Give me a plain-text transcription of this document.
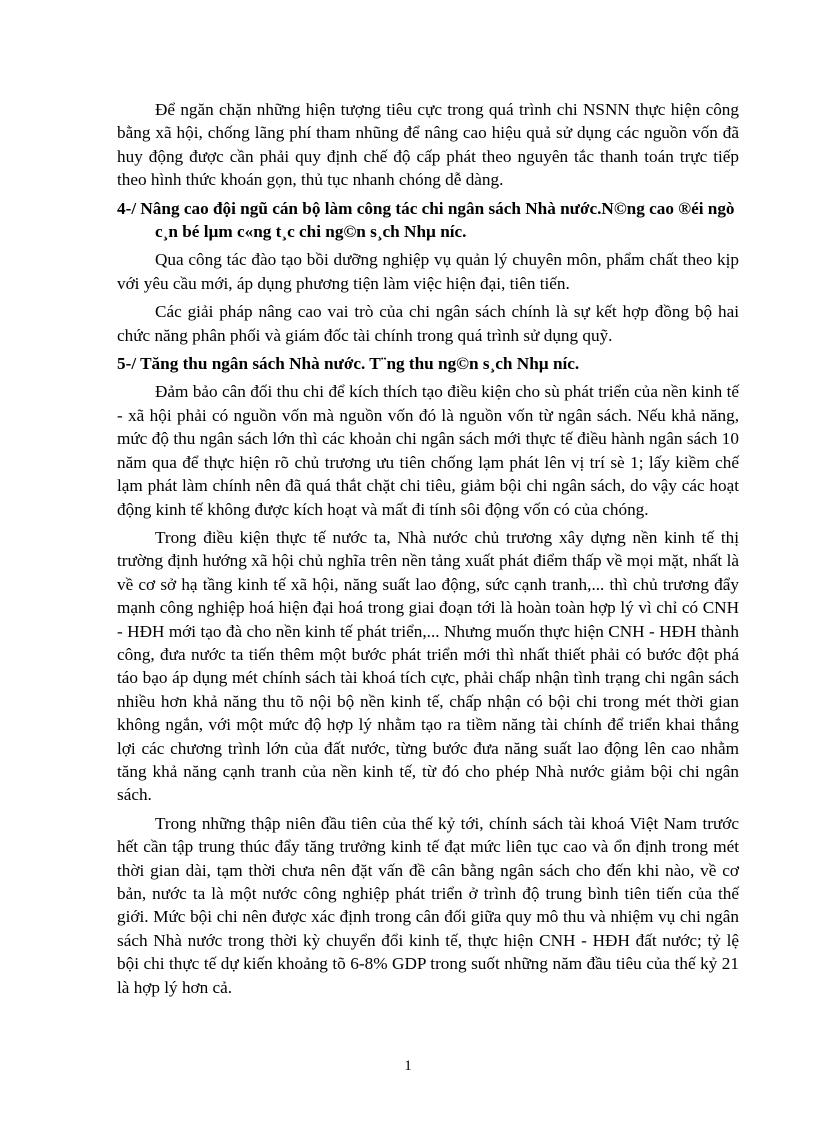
Để ngăn chặn những hiện tượng tiêu cực trong quá trình chi NSNN thực hiện công bằng xã hội, chống lãng phí tham nhũng để nâng cao hiệu quả sử dụng các nguồn vốn đã huy động được cần phải quy định chế độ cấp phát theo nguyên tắc thanh toán trực tiếp theo hình thức khoán gọn, thủ tục nhanh chóng dễ dàng.

4-/ Nâng cao đội ngũ cán bộ làm công tác chi ngân sách Nhà nước.N©ng cao ®éi ngò c¸n bé lµm c«ng t¸c chi ng©n s¸ch Nhµ níc.

Qua công tác đào tạo bồi dưỡng nghiệp vụ quản lý chuyên môn, phẩm chất theo kịp với yêu cầu mới, áp dụng phương tiện làm việc hiện đại, tiên tiến.

Các giải pháp nâng cao vai trò của chi ngân sách chính là sự kết hợp đồng bộ hai chức năng phân phối và giám đốc tài chính trong quá trình sử dụng quỹ.

5-/ Tăng thu ngân sách Nhà nước. T¨ng thu ng©n s¸ch Nhµ níc.

Đảm bảo cân đối thu chi để kích thích tạo điều kiện cho sù phát triển của nền kinh tế - xã hội phải có nguồn vốn mà nguồn vốn đó là nguồn vốn từ ngân sách. Nếu khả năng, mức độ thu ngân sách lớn thì các khoản chi ngân sách mới thực tế điều hành ngân sách 10 năm qua để thực hiện rõ chủ trương ưu tiên chống lạm phát lên vị trí sè 1; lấy kiềm chế lạm phát làm chính nên đã quá thắt chặt chi tiêu, giảm bội chi ngân sách, do vậy các hoạt động kinh tế không được kích hoạt và mất đi tính sôi động vốn có của chóng.

Trong điều kiện thực tế nước ta, Nhà nước chủ trương xây dựng nền kinh tế thị trường định hướng xã hội chủ nghĩa trên nền tảng xuất phát điểm thấp về mọi mặt, nhất là về cơ sở hạ tầng kinh tế xã hội, năng suất lao động, sức cạnh tranh,... thì chủ trương đẩy mạnh công nghiệp hoá hiện đại hoá trong giai đoạn tới là hoàn toàn hợp lý vì chỉ có CNH - HĐH mới tạo đà cho nền kinh tế phát triển,... Nhưng muốn thực hiện CNH - HĐH thành công, đưa nước ta tiến thêm một bước phát triển mới thì nhất thiết phải có bước đột phá táo bạo áp dụng mét chính sách tài khoá tích cực, phải chấp nhận tình trạng chi ngân sách nhiều hơn khả năng thu tõ nội bộ nền kinh tế, chấp nhận có bội chi trong mét thời gian không ngắn, với một mức độ hợp lý nhằm tạo ra tiềm năng tài chính để triển khai thắng lợi các chương trình lớn của đất nước, từng bước đưa năng suất lao động lên cao nhằm tăng khả năng cạnh tranh của nền kinh tế, từ đó cho phép Nhà nước giảm bội chi ngân sách.

Trong những thập niên đầu tiên của thế kỷ tới, chính sách tài khoá Việt Nam trước hết cần tập trung thúc đẩy tăng trưởng kinh tế đạt mức liên tục cao và ổn định trong mét thời gian dài, tạm thời chưa nên đặt vấn đề cân bằng ngân sách cho đến khi nào, về cơ bản, nước ta là một nước công nghiệp phát triển ở trình độ trung bình tiên tiến của thế giới. Mức bội chi nên được xác định trong cân đối giữa quy mô thu và nhiệm vụ chi ngân sách Nhà nước trong thời kỳ chuyển đổi kinh tế, thực hiện CNH - HĐH đất nước; tỷ lệ bội chi thực tế dự kiến khoảng tõ 6-8% GDP trong suốt những năm đầu tiêu của thế kỷ 21 là hợp lý hơn cả.

1
